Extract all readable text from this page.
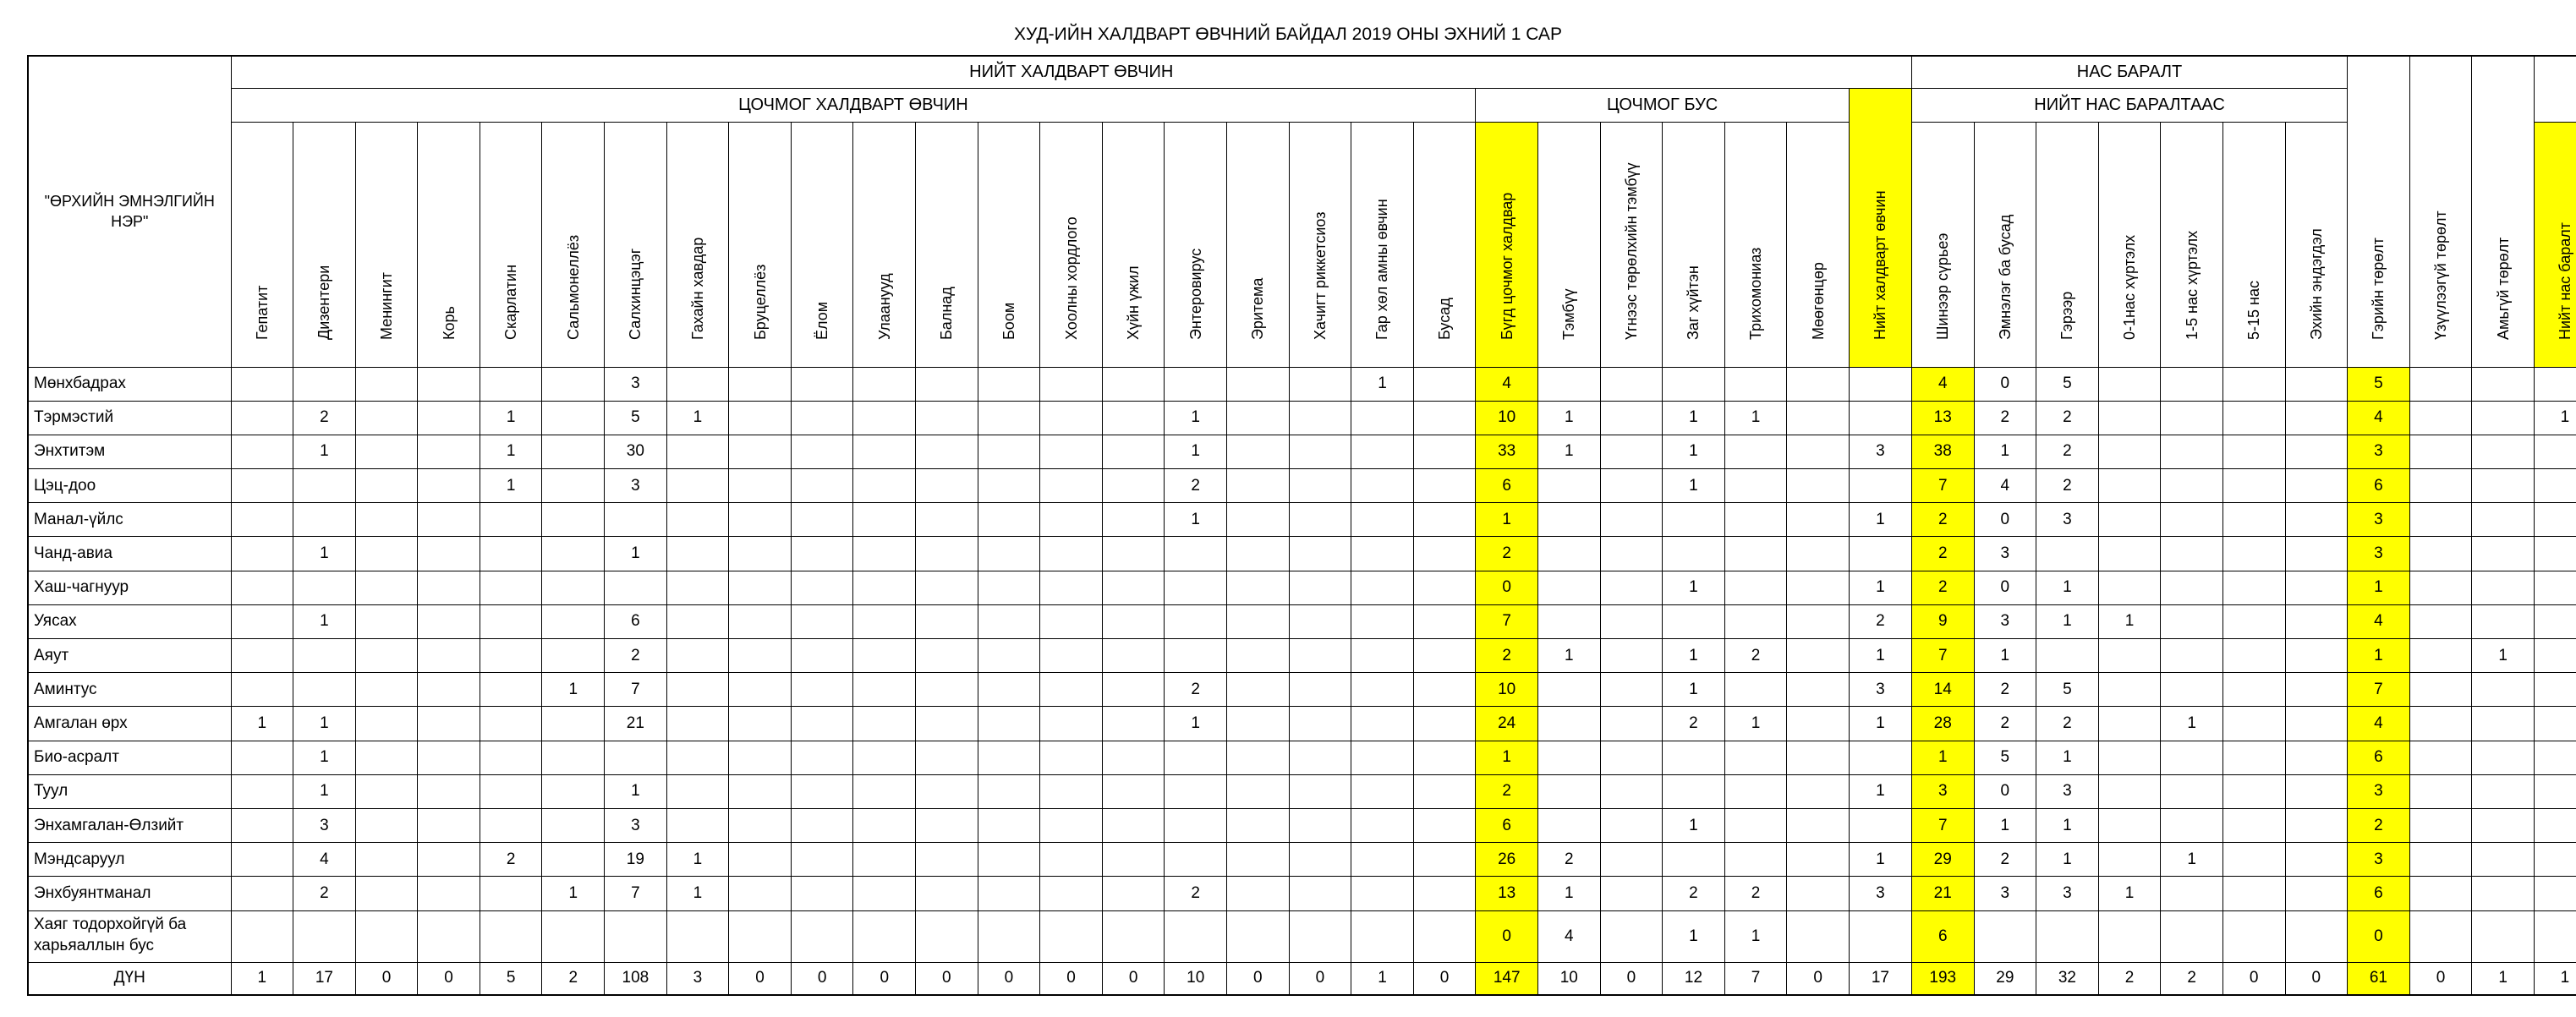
ХУД-ИЙН ХАЛДВАРТ ӨВЧНИЙ БАЙДАЛ 2019 ОНЫ ЭХНИЙ 1 САР
"ӨРХИЙН ЭМНЭЛГИЙН НЭР"	НИЙТ ХАЛДВАРТ ӨВЧИН																											НАС БАРАЛТ							Гэрийн төрөлт	Үзүүлээгүй төрөлт	Амьгүй төрөлт	

	ЦОЧМОГ ХАЛДВАРТ ӨВЧИН																				ЦОЧМОГ БУС						Нийт халдварт өвчин	НИЙТ НАС БАРАЛТААС										

	Гепатит	Дизентери	Менингит	Корь	Скарлатин	Сальмонеллёз	Салхинцэцэг	Гахайн хавдар	Бруцеллёз	Ёлом	Улаанууд	Балнад	Боом	Хоолны хордлого	Хүйн үжил	Энтеровирус	Эритема	Хачигт риккетсиоз	Гар хөл амны өвчин	Бусад	Бүгд цочмог халдвар	Тэмбүү	Үгнээс төрөлхийн тэмбүү	Заг хүйтэн	Трихомониаз	Мөөгөнцөр		Шинээр сүрьеэ	Эмнэлэг ба бусад	Гэрээр	0-1нас хүртэлх	1-5 нас хүртэлх	5-15 нас	Эхийн эндэгдэл				Нийт нас баралт

Мөнхбадрах							3												1		4							4	0	5					5			
Тэрмэстий		2			1		5	1								1					10	1		1	1			13	2	2					4			1
Энхтитэм		1			1		30									1					33	1		1			3	38	1	2					3			
Цэц-доо					1		3									2					6			1				7	4	2					6			
Манал-үйлс																1					1						1	2	0	3					3			
Чанд-авиа		1					1														2							2	3						3			
Хаш-чагнуур																					0			1			1	2	0	1					1			
Уясах		1					6														7						2	9	3	1	1				4			
Аяут							2														2	1		1	2		1	7	1						1		1	
Аминтус						1	7									2					10			1			3	14	2	5					7			
Амгалан өрх	1	1					21									1					24			2	1		1	28	2	2		1			4			
Био-асралт		1																			1							1	5	1					6			
Туул		1					1														2						1	3	0	3					3			
Энхамгалан-Өлзийт		3					3														6			1				7	1	1					2			
Мэндсаруул		4			2		19	1													26	2					1	29	2	1		1			3			
Энхбуянтманал		2				1	7	1								2					13	1		2	2		3	21	3	3	1				6			
Хаяг тодорхойгүй ба харьяаллын бус																					0	4		1	1			6							0			
ДҮН	1	17	0	0	5	2	108	3	0	0	0	0	0	0	0	10	0	0	1	0	147	10	0	12	7	0	17	193	29	32	2	2	0	0	61	0	1	1
